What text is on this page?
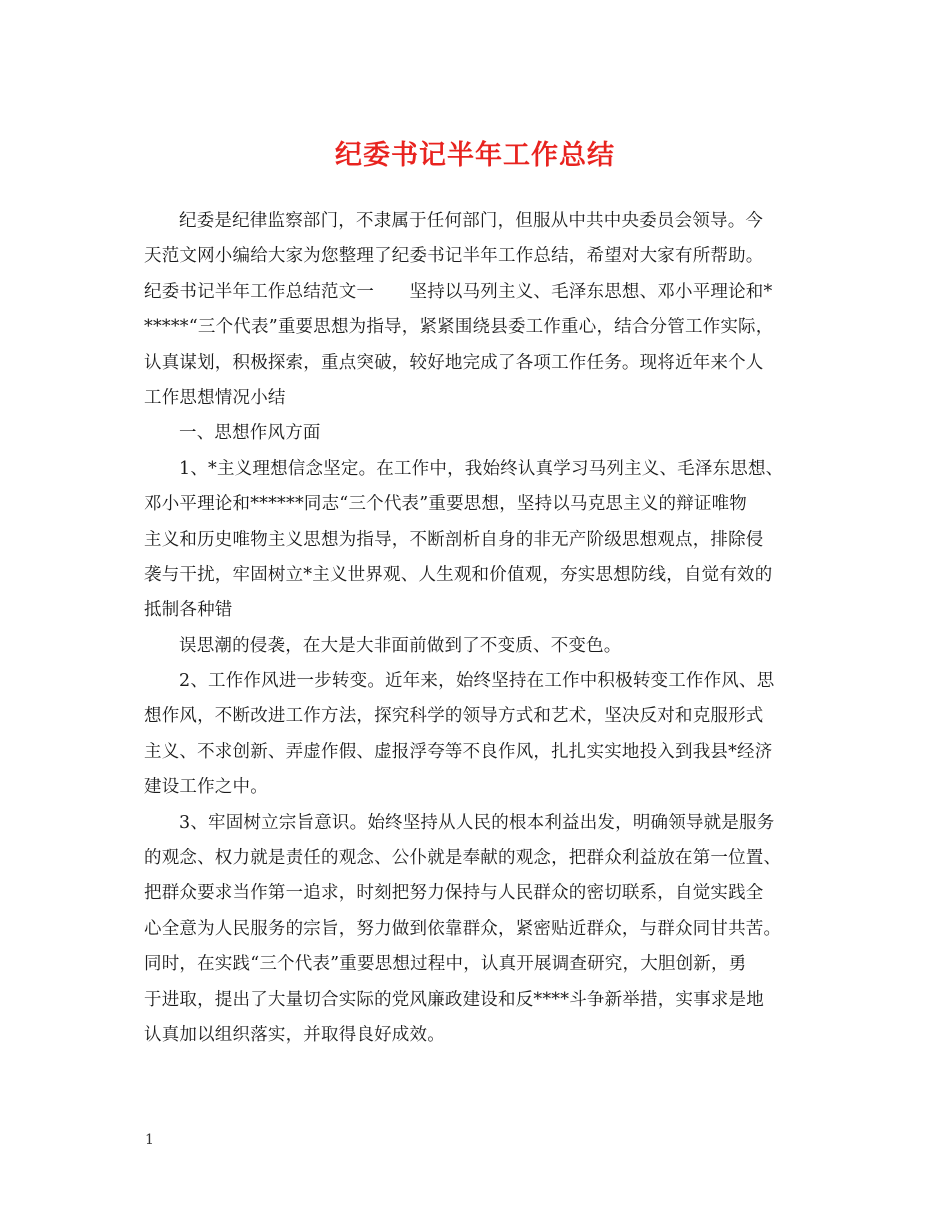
纪委书记半年工作总结
纪委是纪律监察部门，不隶属于任何部门，但服从中共中央委员会领导。今
天范文网小编给大家为您整理了纪委书记半年工作总结，希望对大家有所帮助。
纪委书记半年工作总结范文一　　坚持以马列主义、毛泽东思想、邓小平理论和*
*****“三个代表”重要思想为指导，紧紧围绕县委工作重心，结合分管工作实际，
认真谋划，积极探索，重点突破，较好地完成了各项工作任务。现将近年来个人
工作思想情况小结
一、思想作风方面
1、*主义理想信念坚定。在工作中，我始终认真学习马列主义、毛泽东思想、
邓小平理论和******同志“三个代表”重要思想，坚持以马克思主义的辩证唯物
主义和历史唯物主义思想为指导，不断剖析自身的非无产阶级思想观点，排除侵
袭与干扰，牢固树立*主义世界观、人生观和价值观，夯实思想防线，自觉有效的
抵制各种错
误思潮的侵袭，在大是大非面前做到了不变质、不变色。
2、工作作风进一步转变。近年来，始终坚持在工作中积极转变工作作风、思
想作风，不断改进工作方法，探究科学的领导方式和艺术，坚决反对和克服形式
主义、不求创新、弄虚作假、虚报浮夸等不良作风，扎扎实实地投入到我县*经济
建设工作之中。
3、牢固树立宗旨意识。始终坚持从人民的根本利益出发，明确领导就是服务
的观念、权力就是责任的观念、公仆就是奉献的观念，把群众利益放在第一位置、
把群众要求当作第一追求，时刻把努力保持与人民群众的密切联系，自觉实践全
心全意为人民服务的宗旨，努力做到依靠群众，紧密贴近群众，与群众同甘共苦。
同时，在实践“三个代表”重要思想过程中，认真开展调查研究，大胆创新，勇
于进取，提出了大量切合实际的党风廉政建设和反****斗争新举措，实事求是地
认真加以组织落实，并取得良好成效。
1
